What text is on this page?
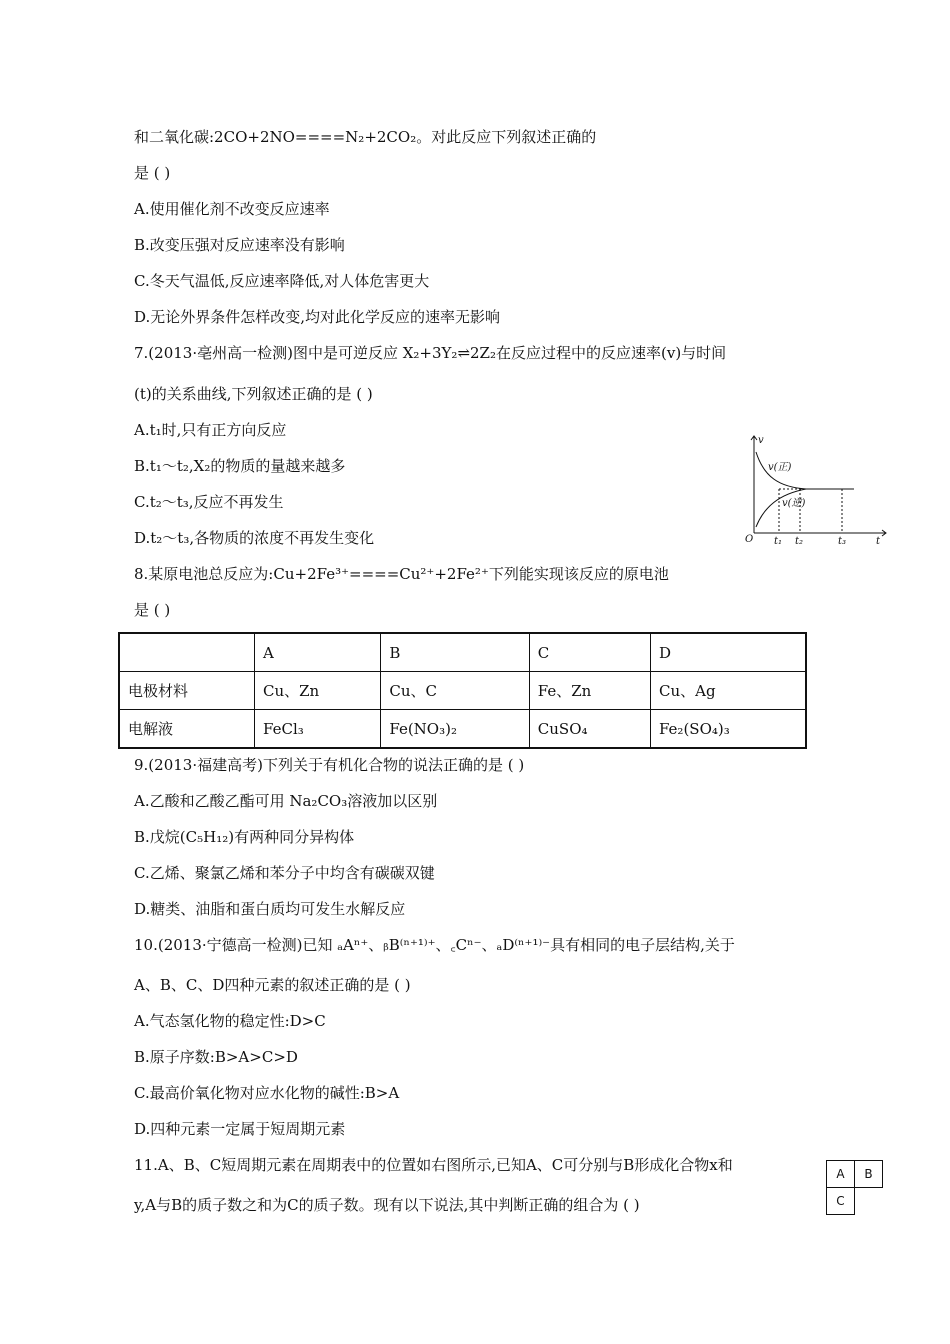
和二氧化碳:2CO+2NO====N₂+2CO₂。对此反应下列叙述正确的
是 ( )
A.使用催化剂不改变反应速率
B.改变压强对反应速率没有影响
C.冬天气温低,反应速率降低,对人体危害更大
D.无论外界条件怎样改变,均对此化学反应的速率无影响
7.(2013·亳州高一检测)图中是可逆反应 X₂+3Y₂⇌2Z₂在反应过程中的反应速率(v)与时间
(t)的关系曲线,下列叙述正确的是 ( )
A.t₁时,只有正方向反应
B.t₁～t₂,X₂的物质的量越来越多
C.t₂～t₃,反应不再发生
D.t₂～t₃,各物质的浓度不再发生变化
v
t
O
v(正)
v(逆)
t₁ t₂	t₃
8.某原电池总反应为:Cu+2Fe³⁺====Cu²⁺+2Fe²⁺下列能实现该反应的原电池
是 ( )
	A	B	C	D
电极材料	Cu、Zn	Cu、C	Fe、Zn	Cu、Ag
电解液	FeCl₃	Fe(NO₃)₂	CuSO₄	Fe₂(SO₄)₃
9.(2013·福建高考)下列关于有机化合物的说法正确的是 ( )
A.乙酸和乙酸乙酯可用 Na₂CO₃溶液加以区别
B.戊烷(C₅H₁₂)有两种同分异构体
C.乙烯、聚氯乙烯和苯分子中均含有碳碳双键
D.糖类、油脂和蛋白质均可发生水解反应
10.(2013·宁德高一检测)已知 ₐAⁿ⁺、ᵦB⁽ⁿ⁺¹⁾⁺、꜀Cⁿ⁻、ₐD⁽ⁿ⁺¹⁾⁻具有相同的电子层结构,关于
A、B、C、D四种元素的叙述正确的是 ( )
A.气态氢化物的稳定性:D>C
B.原子序数:B>A>C>D
C.最高价氧化物对应水化物的碱性:B>A
D.四种元素一定属于短周期元素
11.A、B、C短周期元素在周期表中的位置如右图所示,已知A、C可分别与B形成化合物x和
y,A与B的质子数之和为C的质子数。现有以下说法,其中判断正确的组合为 ( )
A	B
C
